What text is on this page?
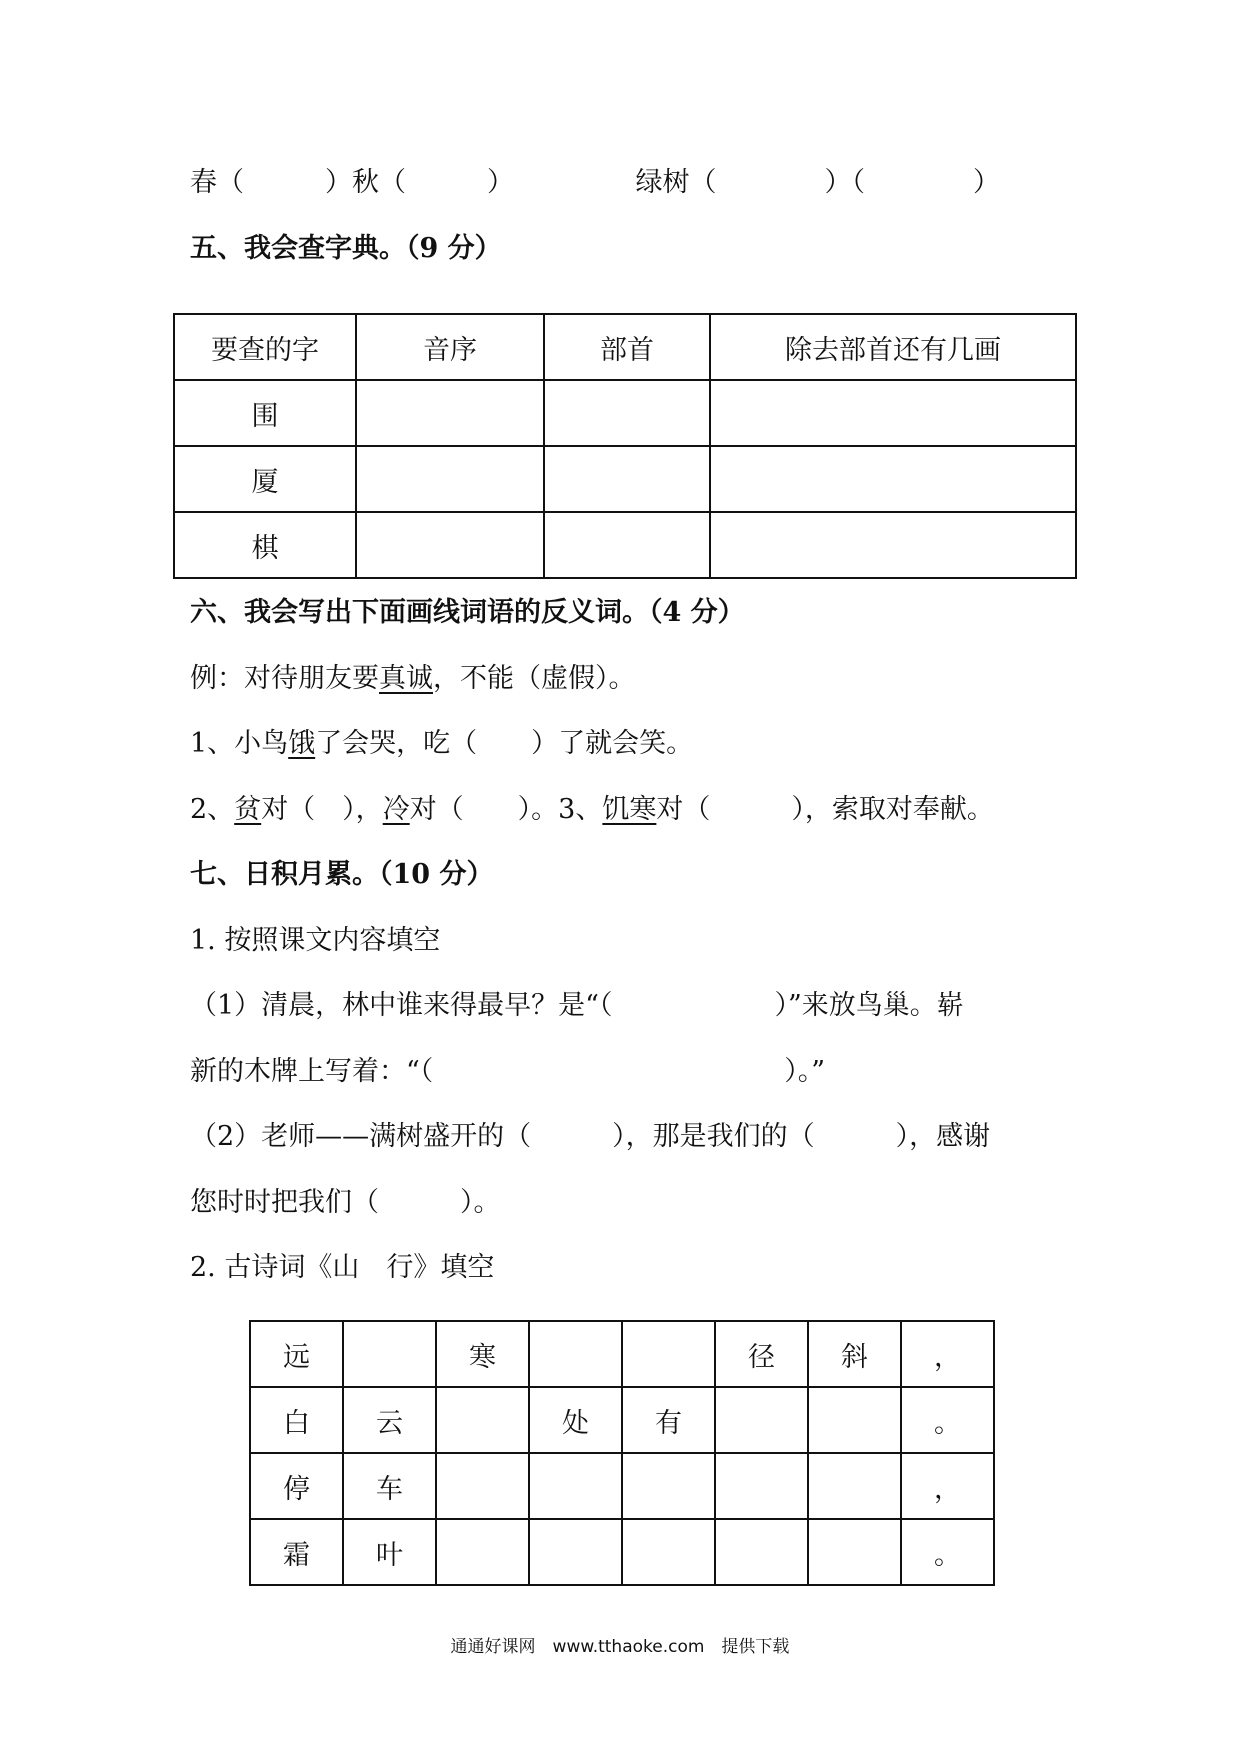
春（　　　）秋（　　　）　　　　　绿树（　　　　）（　　　　）
五、我会查字典。（9 分）
要查的字	音序	部首	除去部首还有几画
围			
厦			
棋			
六、我会写出下面画线词语的反义词。（4 分）
例：对待朋友要真诚，不能（虚假）。
1、小鸟饿了会哭，吃（　　）了就会笑。
2、贫对（　），冷对（　　）。3、饥寒对（　　　），索取对奉献。
七、日积月累。（10 分）
1. 按照课文内容填空
（1）清晨，林中谁来得最早？是“（　　　　　　）”来放鸟巢。崭
新的木牌上写着：“（　　　　　　　　　　　　　）。”
（2）老师——满树盛开的（　　　），那是我们的（　　　），感谢
您时时把我们（　　　）。
2. 古诗词《山　行》填空
远		寒			径	斜	，
白	云		处	有			。
停	车						，
霜	叶						。
通通好课网　www.tthaoke.com　提供下载
